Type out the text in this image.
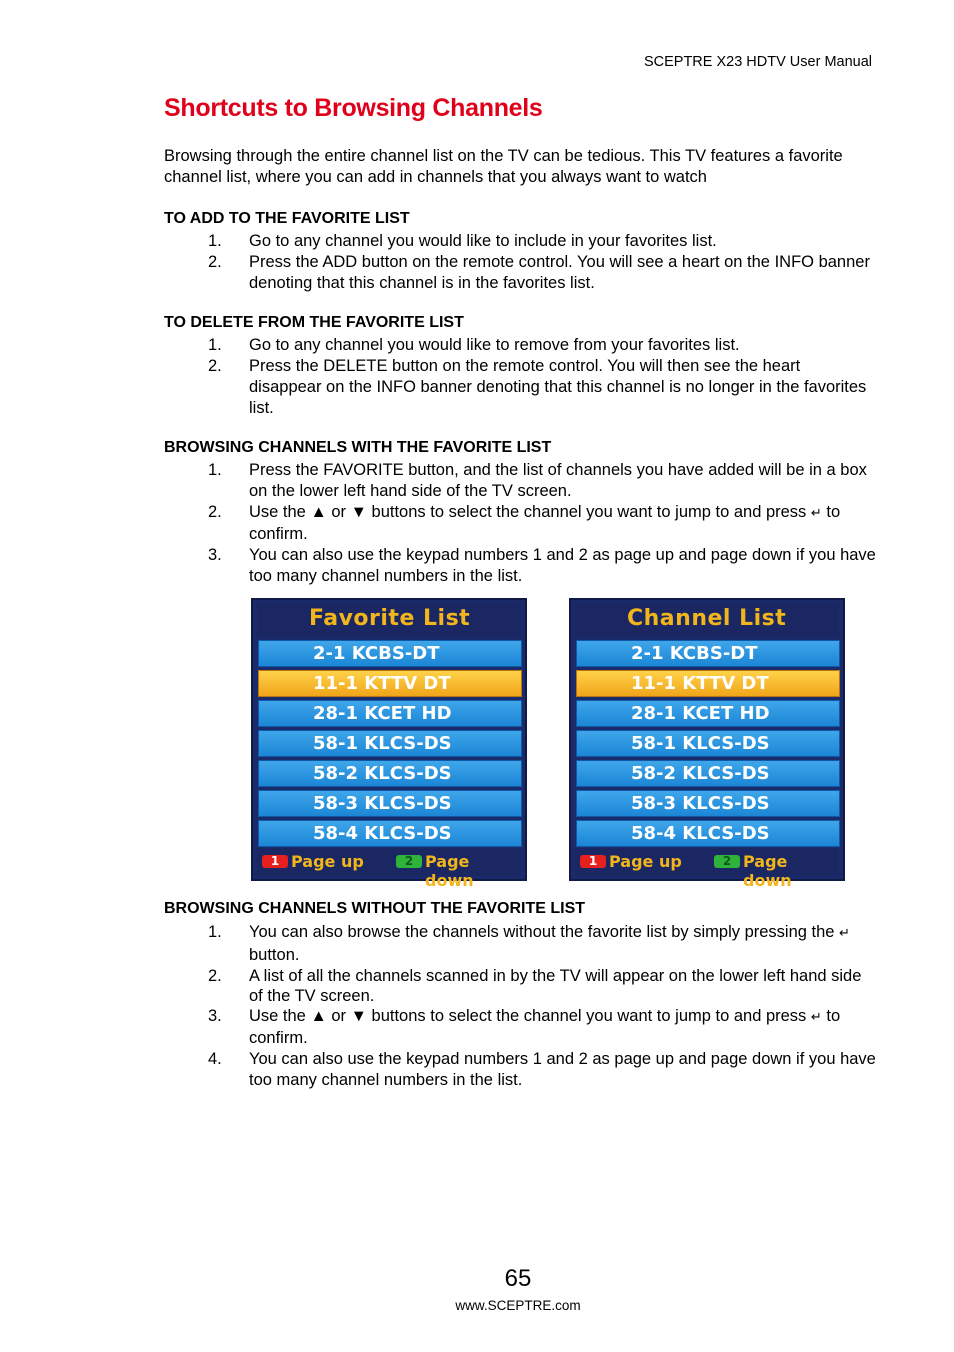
SCEPTRE X23 HDTV User Manual
Shortcuts to Browsing Channels

Browsing through the entire channel list on the TV can be tedious. This TV features a favorite channel list, where you can add in channels that you always want to watch

TO ADD TO THE FAVORITE LIST
1. Go to any channel you would like to include in your favorites list.
2. Press the ADD button on the remote control. You will see a heart on the INFO banner denoting that this channel is in the favorites list.
TO DELETE FROM THE FAVORITE LIST
1. Go to any channel you would like to remove from your favorites list.
2. Press the DELETE button on the remote control. You will then see the heart disappear on the INFO banner denoting that this channel is no longer in the favorites list.
BROWSING CHANNELS WITH THE FAVORITE LIST
1. Press the FAVORITE button, and the list of channels you have added will be in a box on the lower left hand side of the TV screen.
2. Use the ▲ or ▼ buttons to select the channel you want to jump to and press ↵ to confirm.
3. You can also use the keypad numbers 1 and 2 as page up and page down if you have too many channel numbers in the list.
Favorite List
2-1 KCBS-DT
11-1 KTTV DT
28-1 KCET HD
58-1 KLCS-DS
58-2 KLCS-DS
58-3 KLCS-DS
58-4 KLCS-DS
1 Page up	2 Page down
Channel List
2-1 KCBS-DT
11-1 KTTV DT
28-1 KCET HD
58-1 KLCS-DS
58-2 KLCS-DS
58-3 KLCS-DS
58-4 KLCS-DS
1 Page up	2 Page down
BROWSING CHANNELS WITHOUT THE FAVORITE LIST
1. You can also browse the channels without the favorite list by simply pressing the ↵ button.
2. A list of all the channels scanned in by the TV will appear on the lower left hand side of the TV screen.
3. Use the ▲ or ▼ buttons to select the channel you want to jump to and press ↵ to confirm.
4. You can also use the keypad numbers 1 and 2 as page up and page down if you have too many channel numbers in the list.
65
www.SCEPTRE.com
